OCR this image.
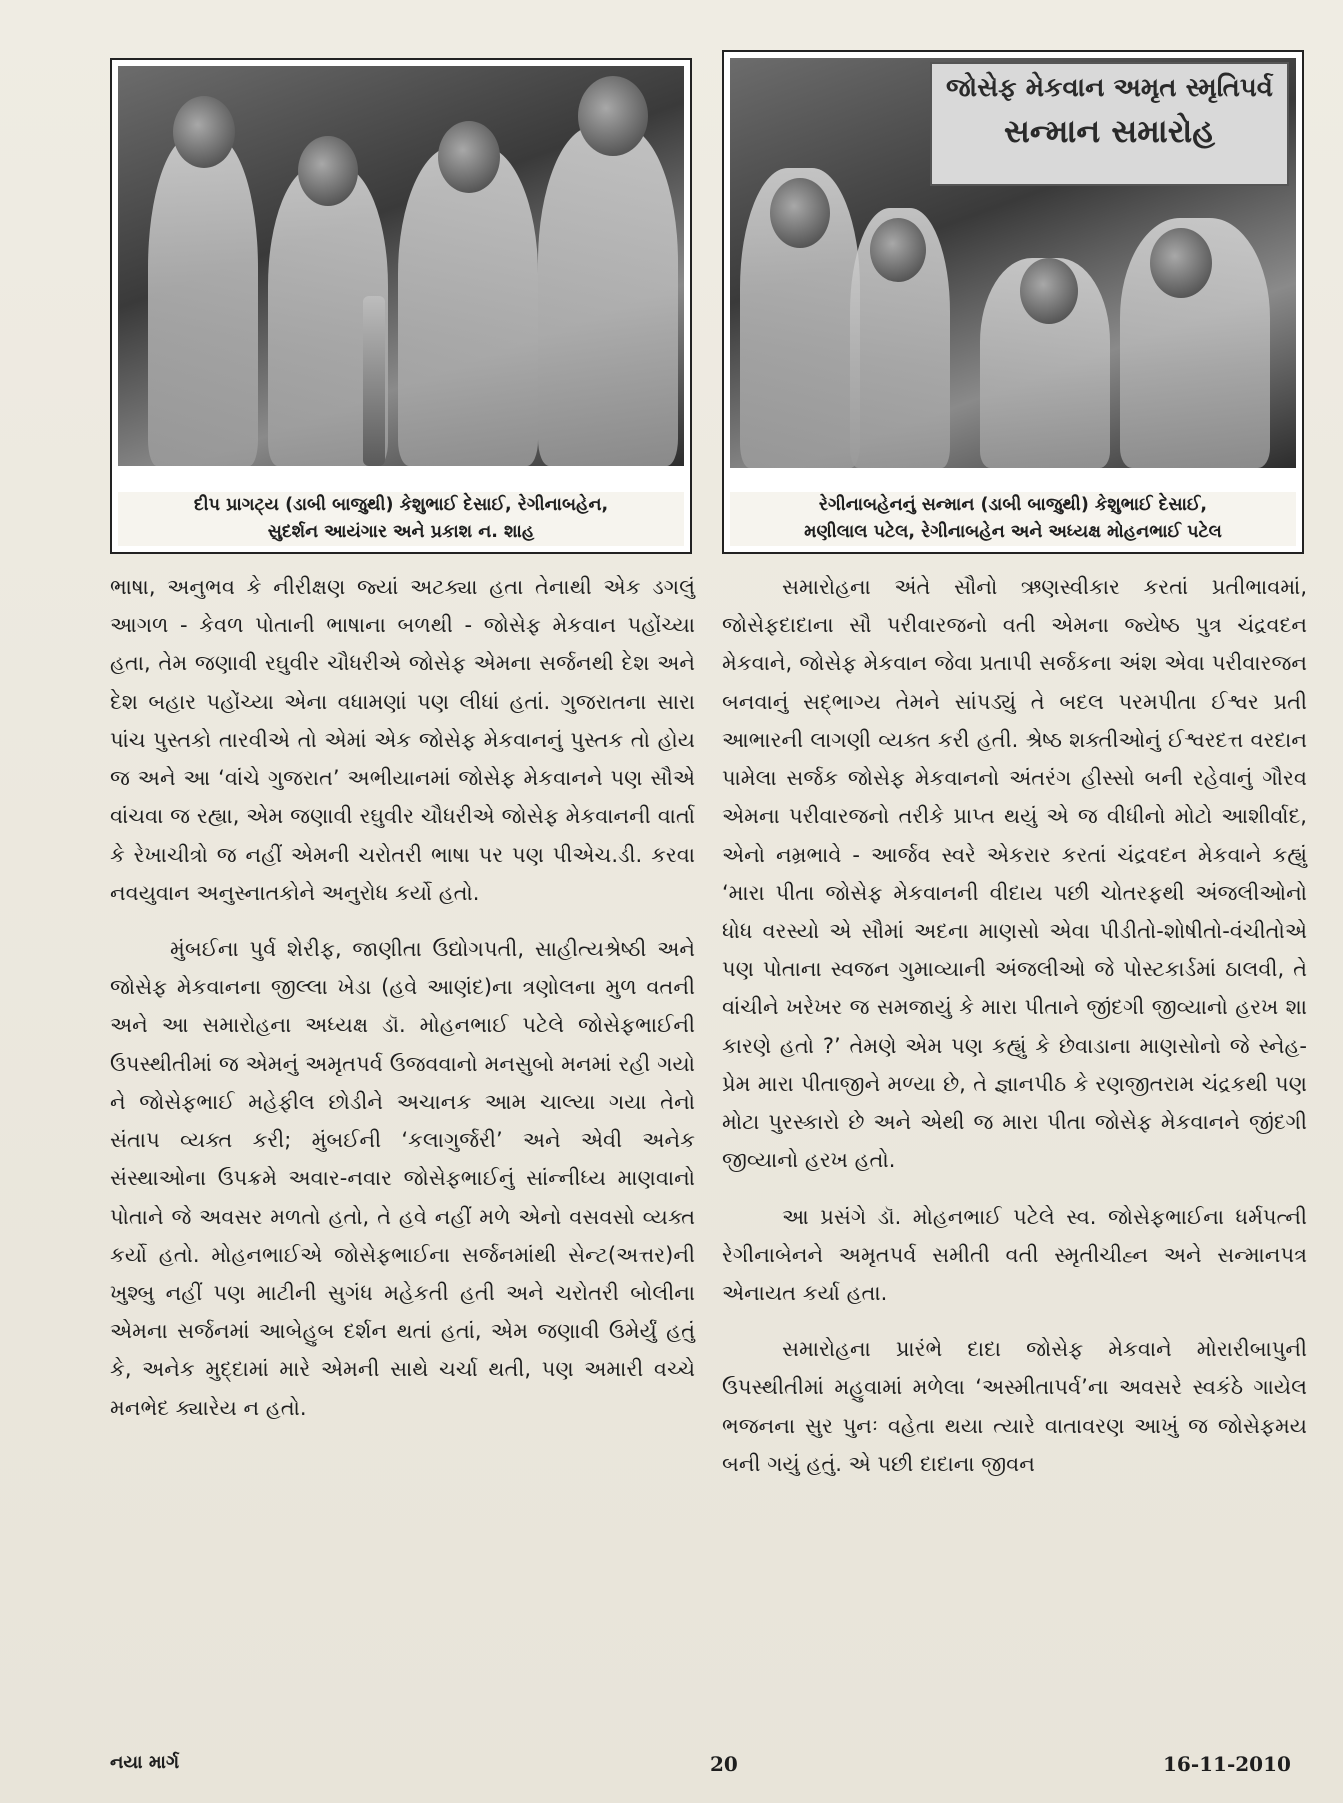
દીપ પ્રાગટ્ય (ડાબી બાજુથી) કેશુભાઈ દેસાઈ, રેગીનાબહેન,
સુદર્શન આયંગાર અને પ્રકાશ ન. શાહ
જોસેફ મેકવાન અમૃત સ્મૃતિપર્વ
સન્માન સમારોહ
રેગીનાબહેનનું સન્માન (ડાબી બાજુથી) કેશુભાઈ દેસાઈ,
મણીલાલ પટેલ, રેગીનાબહેન અને અધ્યક્ષ મોહનભાઈ પટેલ

ભાષા, અનુભવ કે નીરીક્ષણ જ્યાં અટક્યા હતા તેનાથી એક ડગલું આગળ - કેવળ પોતાની ભાષાના બળથી - જોસેફ મેકવાન પહોંચ્યા હતા, તેમ જણાવી રઘુવીર ચૌધરીએ જોસેફ એમના સર્જનથી દેશ અને દેશ બહાર પહોંચ્યા એના વધામણાં પણ લીધાં હતાં. ગુજરાતના સારા પાંચ પુસ્તકો તારવીએ તો એમાં એક જોસેફ મેકવાનનું પુસ્તક તો હોય જ અને આ ‘વાંચે ગુજરાત’ અભીયાનમાં જોસેફ મેકવાનને પણ સૌએ વાંચવા જ રહ્યા, એમ જણાવી રઘુવીર ચૌધરીએ જોસેફ મેકવાનની વાર્તા કે રેખાચીત્રો જ નહીં એમની ચરોતરી ભાષા પર પણ પીએચ.ડી. કરવા નવયુવાન અનુસ્નાતકોને અનુરોધ કર્યો હતો.

મુંબઈના પુર્વ શેરીફ, જાણીતા ઉદ્યોગપતી, સાહીત્યશ્રેષ્ઠી અને જોસેફ મેકવાનના જીલ્લા ખેડા (હવે આણંદ)ના ત્રણોલના મુળ વતની અને આ સમારોહના અધ્યક્ષ ડૉ. મોહનભાઈ પટેલે જોસેફભાઈની ઉપસ્થીતીમાં જ એમનું અમૃતપર્વ ઉજવવાનો મનસુબો મનમાં રહી ગયો ને જોસેફભાઈ મહેફીલ છોડીને અચાનક આમ ચાલ્યા ગયા તેનો સંતાપ વ્યક્ત કરી; મુંબઈની ‘કલાગુર્જરી’ અને એવી અનેક સંસ્થાઓના ઉપક્રમે અવાર-નવાર જોસેફભાઈનું સાંન્નીધ્ય માણવાનો પોતાને જે અવસર મળતો હતો, તે હવે નહીં મળે એનો વસવસો વ્યક્ત કર્યો હતો. મોહનભાઈએ જોસેફભાઈના સર્જનમાંથી સેન્ટ(અત્તર)ની ખુશ્બુ નહીં પણ માટીની સુગંધ મહેકતી હતી અને ચરોતરી બોલીના એમના સર્જનમાં આબેહુબ દર્શન થતાં હતાં, એમ જણાવી ઉમેર્યું હતું કે, અનેક મુદ્દામાં મારે એમની સાથે ચર્ચા થતી, પણ અમારી વચ્ચે મનભેદ ક્યારેય ન હતો.

સમારોહના અંતે સૌનો ઋણસ્વીકાર કરતાં પ્રતીભાવમાં, જોસેફદાદાના સૌ પરીવારજનો વતી એમના જ્યેષ્ઠ પુત્ર ચંદ્રવદન મેકવાને, જોસેફ મેકવાન જેવા પ્રતાપી સર્જકના અંશ એવા પરીવારજન બનવાનું સદ્ભાગ્ય તેમને સાંપડ્યું તે બદલ પરમપીતા ઈશ્વર પ્રતી આભારની લાગણી વ્યક્ત કરી હતી. શ્રેષ્ઠ શક્તીઓનું ઈશ્વરદત્ત વરદાન પામેલા સર્જક જોસેફ મેકવાનનો અંતરંગ હીસ્સો બની રહેવાનું ગૌરવ એમના પરીવારજનો તરીકે પ્રાપ્ત થયું એ જ વીધીનો મોટો આશીર્વાદ, એનો નમ્રભાવે - આર્જવ સ્વરે એકરાર કરતાં ચંદ્રવદન મેકવાને કહ્યું ‘મારા પીતા જોસેફ મેકવાનની વીદાય પછી ચોતરફથી અંજલીઓનો ધોધ વરસ્યો એ સૌમાં અદના માણસો એવા પીડીતો-શોષીતો-વંચીતોએ પણ પોતાના સ્વજન ગુમાવ્યાની અંજલીઓ જે પોસ્ટકાર્ડમાં ઠાલવી, તે વાંચીને ખરેખર જ સમજાયું કે મારા પીતાને જીંદગી જીવ્યાનો હરખ શા કારણે હતો ?’ તેમણે એમ પણ કહ્યું કે છેવાડાના માણસોનો જે સ્નેહ-પ્રેમ મારા પીતાજીને મળ્યા છે, તે જ્ઞાનપીઠ કે રણજીતરામ ચંદ્રકથી પણ મોટા પુરસ્કારો છે અને એથી જ મારા પીતા જોસેફ મેકવાનને જીંદગી જીવ્યાનો હરખ હતો.

આ પ્રસંગે ડૉ. મોહનભાઈ પટેલે સ્વ. જોસેફભાઈના ધર્મપત્ની રેગીનાબેનને અમૃતપર્વ સમીતી વતી સ્મૃતીચીહ્ન અને સન્માનપત્ર એનાયત કર્યા હતા.

સમારોહના પ્રારંભે દાદા જોસેફ મેકવાને મોરારીબાપુની ઉપસ્થીતીમાં મહુવામાં મળેલા ‘અસ્મીતાપર્વ’ના અવસરે સ્વકંઠે ગાયેલ ભજનના સુર પુનઃ વહેતા થયા ત્યારે વાતાવરણ આખું જ જોસેફમય બની ગયું હતું. એ પછી દાદાના જીવન

નયા માર્ગ	20	16-11-2010
